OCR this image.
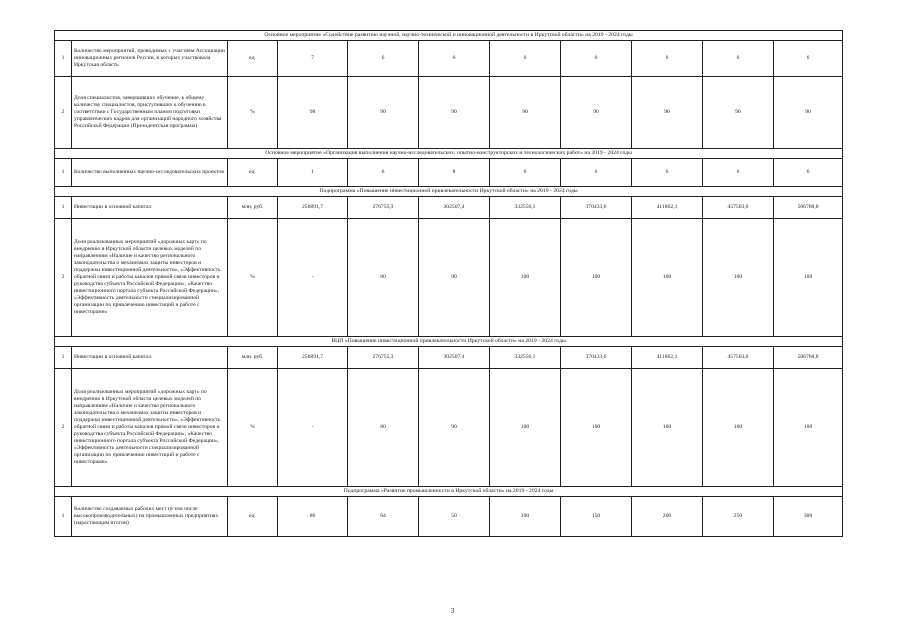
Основное мероприятие «Содействие развитию научной, научно-технической и инновационной деятельности в Иркутской области» на 2019 - 2024 годы										
1	Количество мероприятий, проводимых с участием Ассоциации инновационных регионов России, в которых участвовала Иркутская область	ед.	7	6	6	6	6	6	6	6
2	Доля специалистов, завершивших обучение, к общему количеству специалистов, приступивших к обучению в соответствии с Государственным планом подготовки управленческих кадров для организаций народного хозяйства Российской Федерации (Президентская программа)	%	98	90	90	90	90	90	90	90
Основное мероприятие «Организация выполнения научно-исследовательских, опытно-конструкторских и технологических работ» на 2019 - 2024 годы										
1	Количество выполненных научно-исследовательских проектов	ед.	1	6	8	6	6	6	6	6
Подпрограмма «Повышение инвестиционной привлекательности Иркутской области» на 2019 - 2024 годы										
1	Инвестиции в основной капитал	млн. руб.	256891,7	276755,3	302507,4	332556,1	370433,6	411862,1	457503,0	506768,8
2	Доля реализованных мероприятий «дорожных карт» по внедрению в Иркутской области целевых моделей по направлениям «Наличие и качество регионального законодательства о механизмах защиты инвесторов и поддержки инвестиционной деятельности», «Эффективность обратной связи и работы каналов прямой связи инвесторов и руководства субъекта Российской Федерации», «Качество инвестиционного портала субъекта Российской Федерации», «Эффективность деятельности специализированной организации по привлечению инвестиций и работе с инвесторами»	%	-	80	90	100	100	100	100	100
ВЦП «Повышение инвестиционной привлекательности Иркутской области» на 2019 - 2024 годы										
1	Инвестиции в основной капитал	млн. руб.	256891,7	276755,3	302507,4	332556,1	370433,6	411862,1	457503,0	506768,8
2	Доля реализованных мероприятий «дорожных карт» по внедрению в Иркутской области целевых моделей по направлениям «Наличие и качество регионального законодательства о механизмах защиты инвесторов и поддержки инвестиционной деятельности», «Эффективность обратной связи и работы каналов прямой связи инвесторов и руководства субъекта Российской Федерации», «Качество инвестиционного портала субъекта Российской Федерации», «Эффективность деятельности специализированной организации по привлечению инвестиций и работе с инвесторами»	%	-	80	90	100	100	100	100	100
Подпрограмма «Развитие промышленности в Иркутской области» на 2019 - 2024 годы										
1	Количество создаваемых рабочих мест (в том числе высокопроизводительных) на промышленных предприятиях (нарастающим итогом)	ед.	86	64	50	100	150	200	250	300
3
